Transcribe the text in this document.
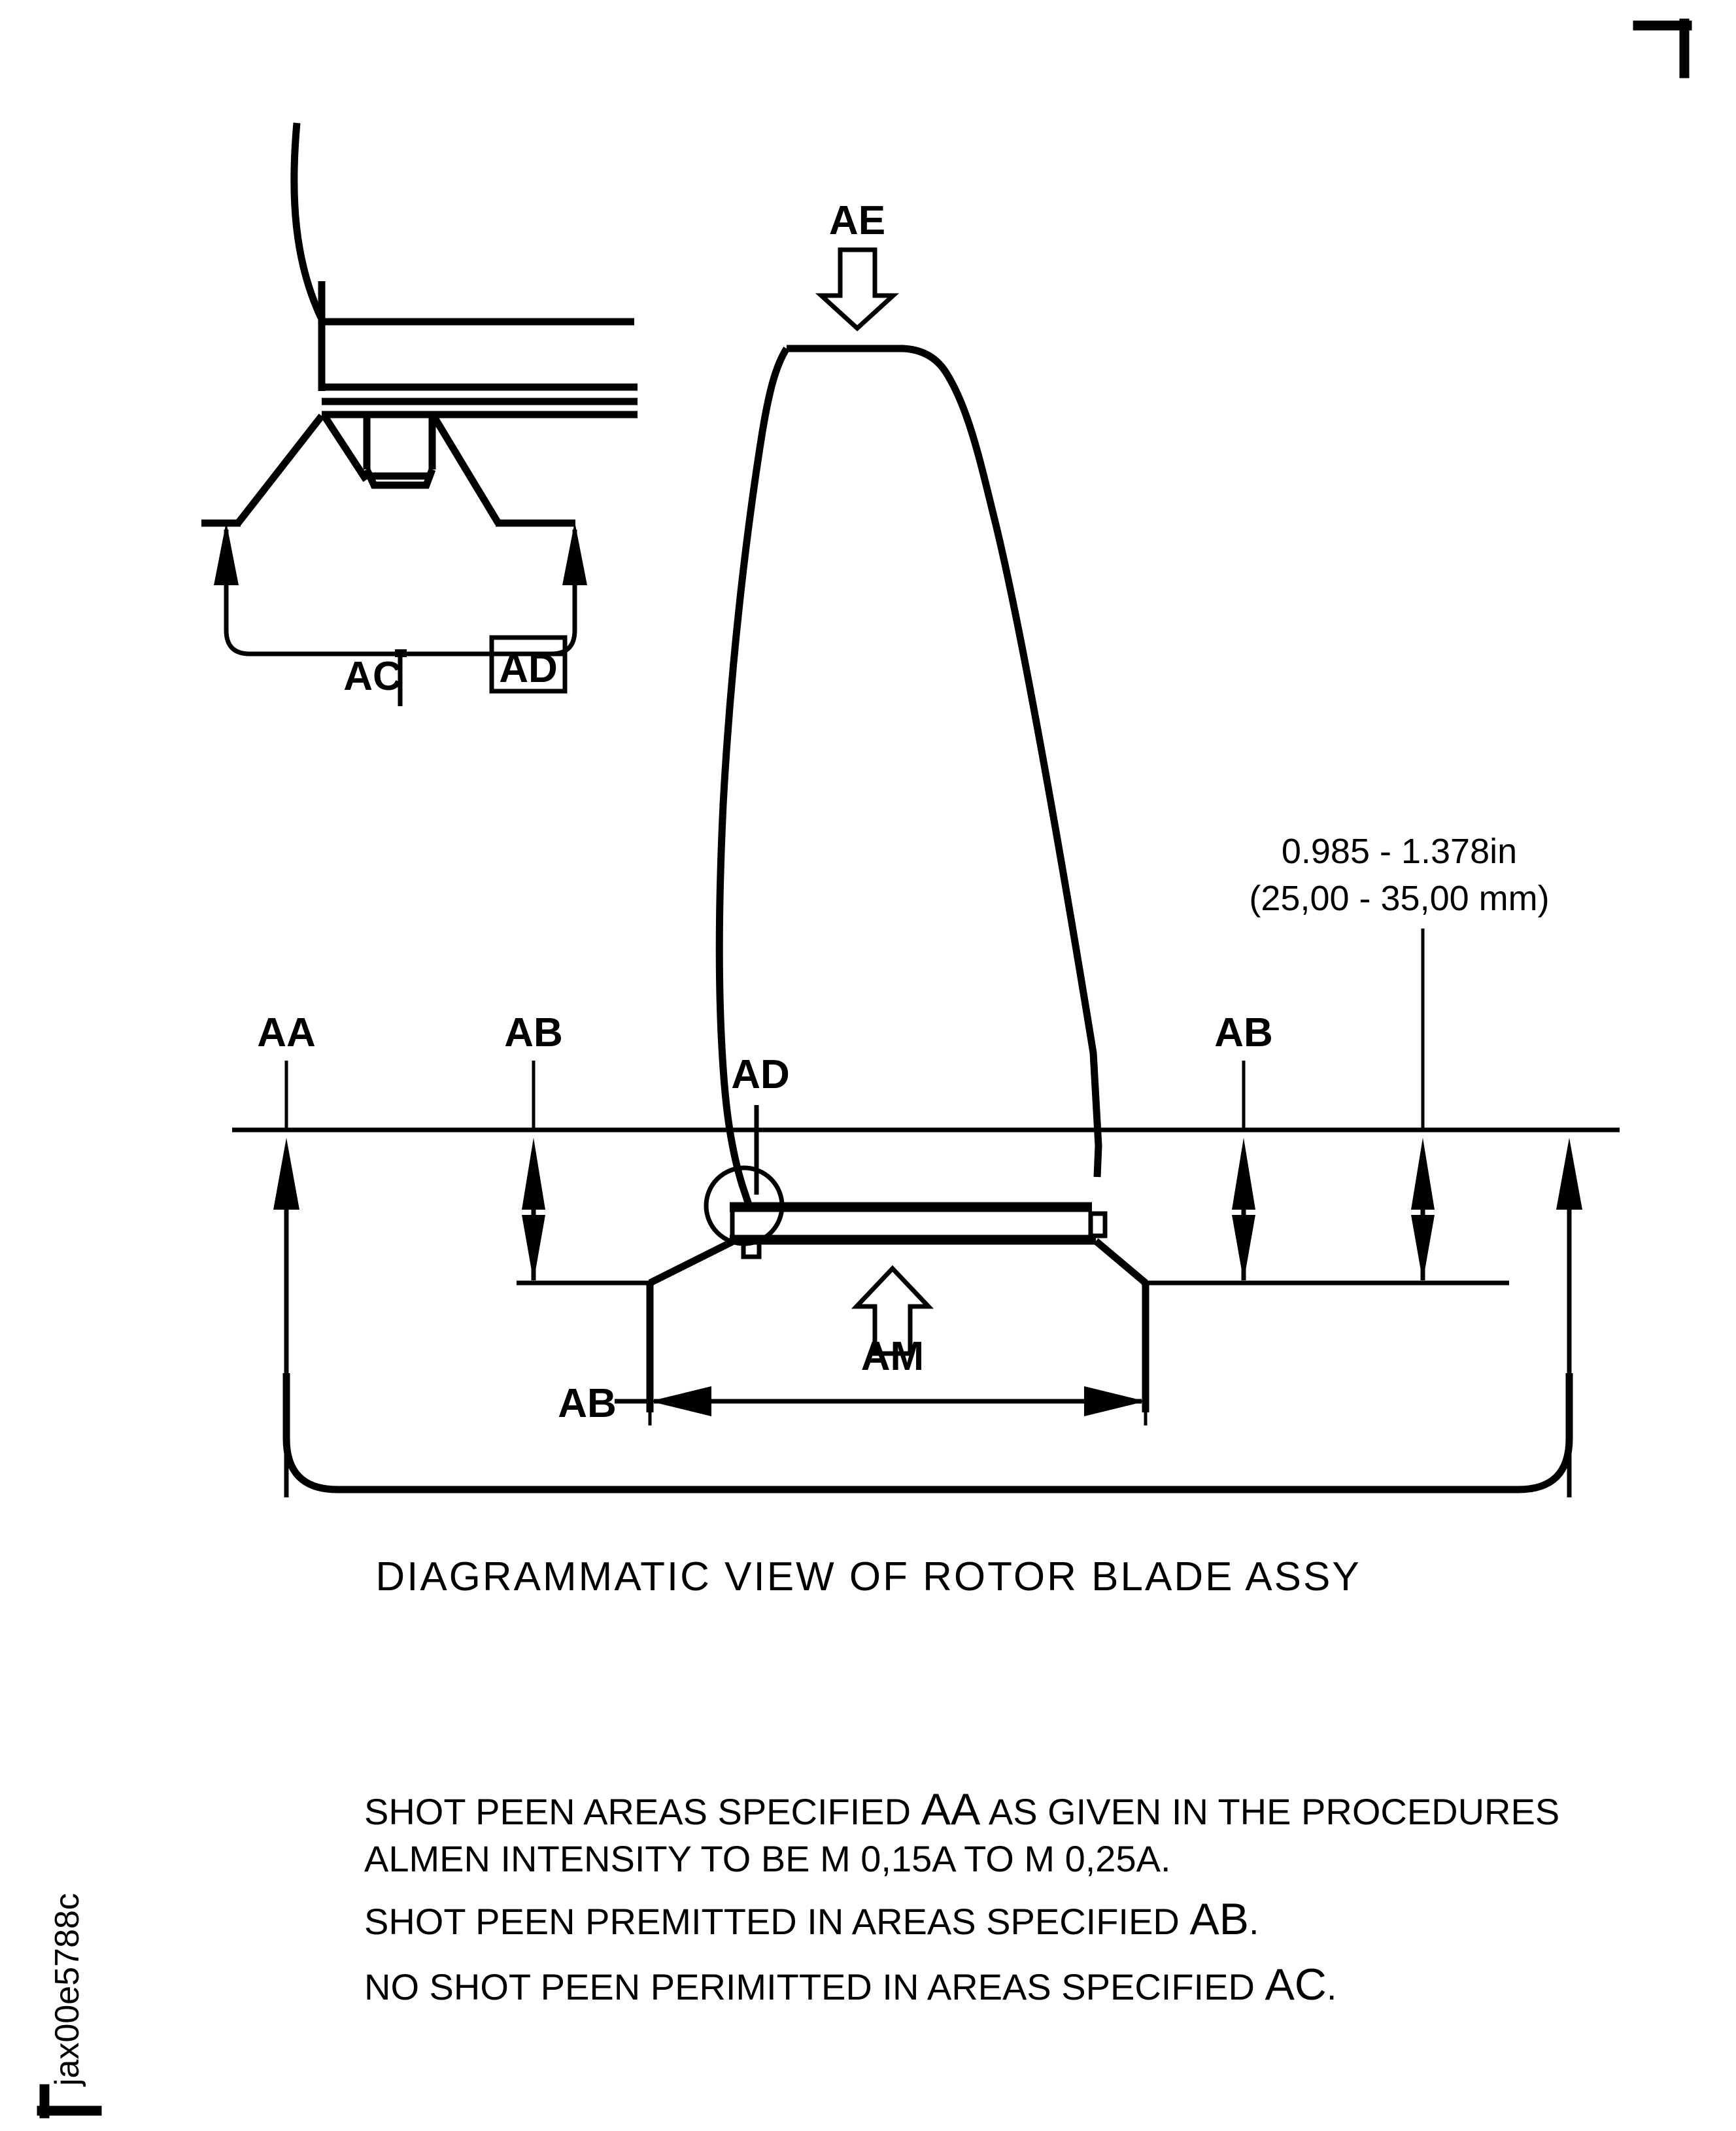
AC AD
AE
AD
AM
AB
AA	AB	AB
0.985 - 1.378in
(25,00 - 35,00 mm)
DIAGRAMMATIC VIEW OF ROTOR BLADE ASSY
SHOT PEEN AREAS SPECIFIED AA AS GIVEN IN THE PROCEDURES
ALMEN INTENSITY TO BE M 0,15A TO M 0,25A.
SHOT PEEN PREMITTED IN AREAS SPECIFIED AB.
NO SHOT PEEN PERIMITTED IN AREAS SPECIFIED AC.
jax00e5788c
